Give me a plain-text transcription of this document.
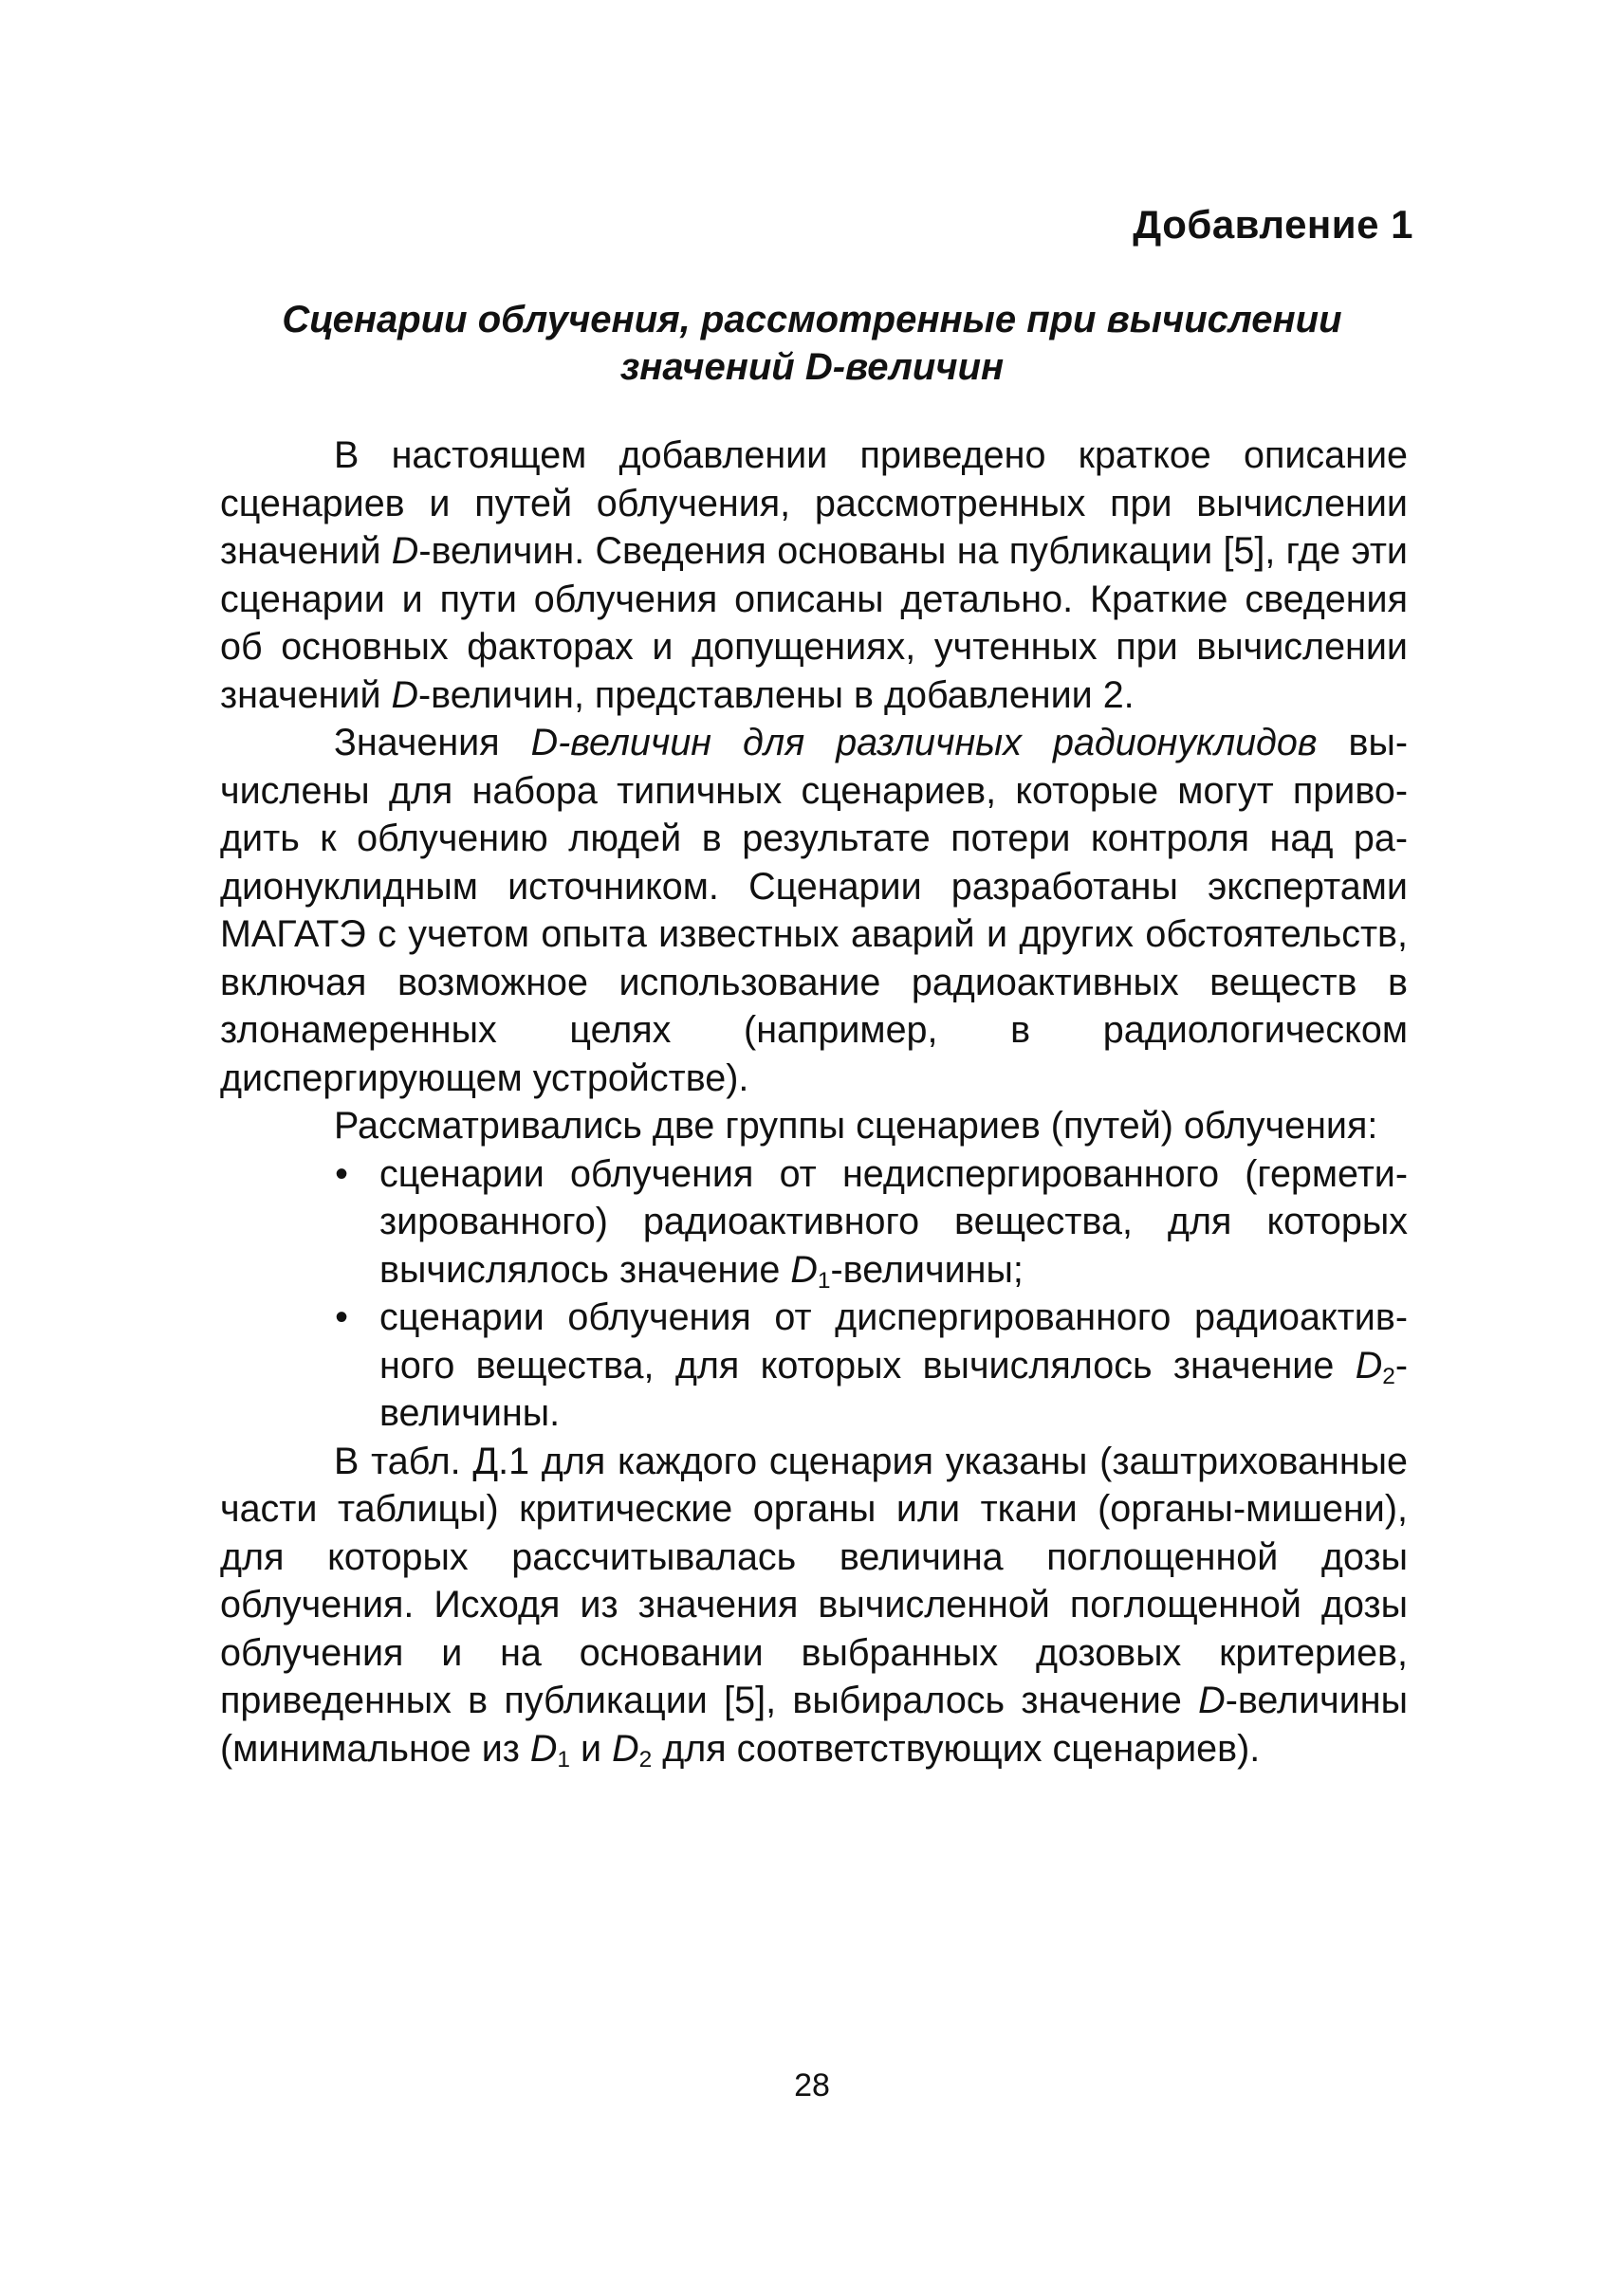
Добавление 1
Сценарии облучения, рассмотренные при вычислении
значений D-величин

В настоящем добавлении приведено краткое описание сценариев и путей облучения, рассмотренных при вычислении значений D-величин. Сведения основаны на публикации [5], где эти сценарии и пути облучения описаны детально. Краткие сведения об основных факторах и допущениях, учтенных при вычислении значений D-величин, представлены в добавлении 2.

Значения D-величин для различных радионуклидов вычислены для набора типичных сценариев, которые могут приводить к облучению людей в результате потери контроля над радионуклидным источником. Сценарии разработаны экспертами МАГАТЭ с учетом опыта известных аварий и других обстоятельств, включая возможное использование радиоактивных веществ в злонамеренных целях (например, в радиологическом диспергирующем устройстве).

Рассматривались две группы сценариев (путей) облучения:

• сценарии облучения от недиспергированного (герметизированного) радиоактивного вещества, для которых вычислялось значение $D_1$-величины;
• сценарии облучения от диспергированного радиоактивного вещества, для которых вычислялось значение $D_2$-величины.

В табл. Д.1 для каждого сценария указаны (заштрихованные части таблицы) критические органы или ткани (органы-мишени), для которых рассчитывалась величина поглощенной дозы облучения. Исходя из значения вычисленной поглощенной дозы облучения и на основании выбранных дозовых критериев, приведенных в публикации [5], выбиралось значение D-величины (минимальное из $D_1$ и $D_2$ для соответствующих сценариев).

28
